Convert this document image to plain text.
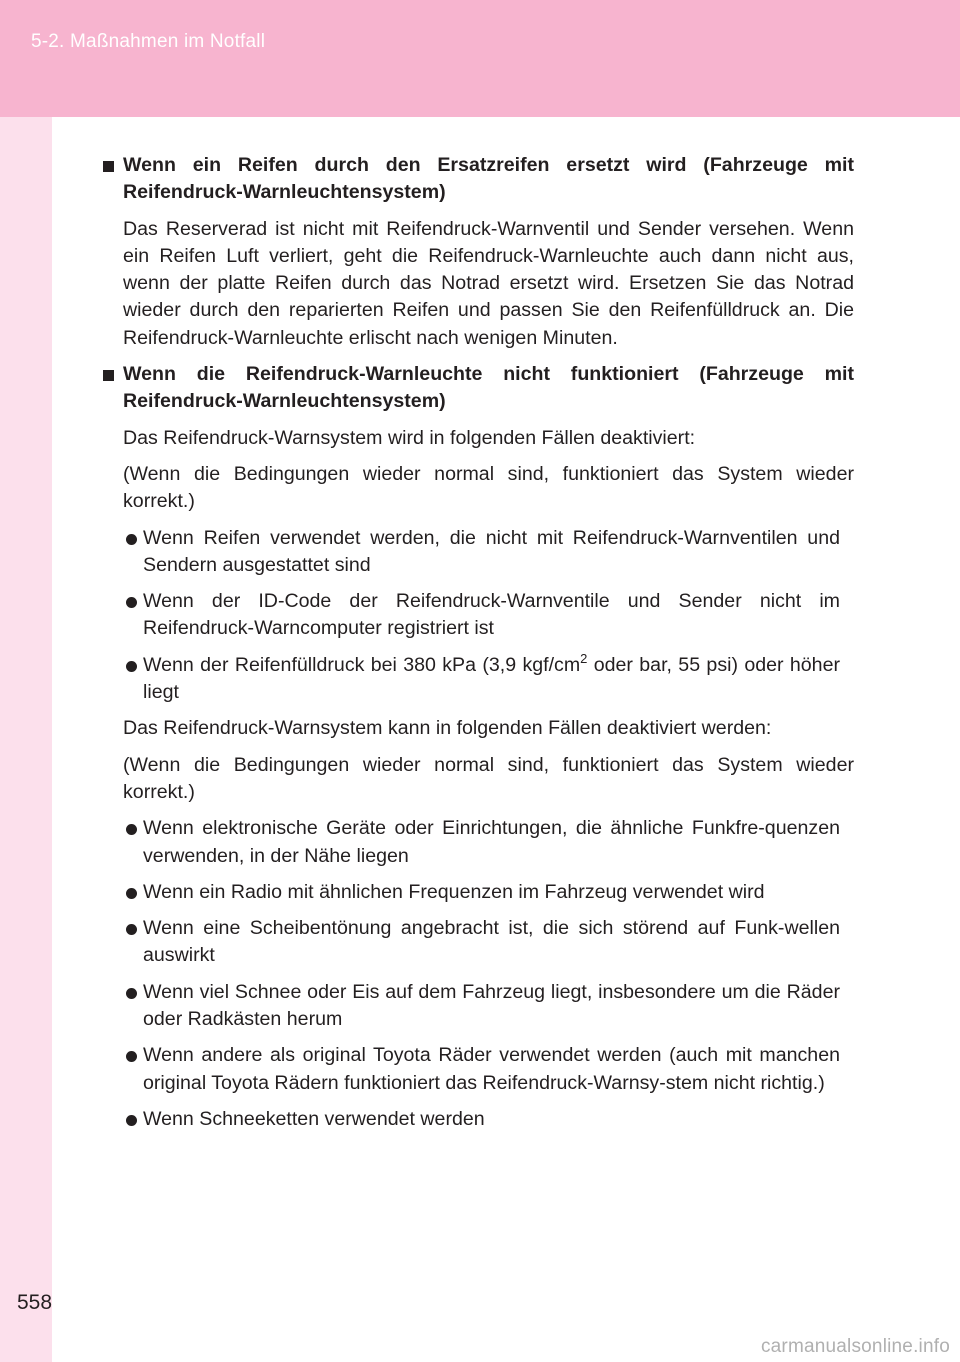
5-2. Maßnahmen im Notfall
Wenn ein Reifen durch den Ersatzreifen ersetzt wird (Fahrzeuge mit Reifendruck-Warnleuchtensystem)
Das Reserverad ist nicht mit Reifendruck-Warnventil und Sender versehen. Wenn ein Reifen Luft verliert, geht die Reifendruck-Warnleuchte auch dann nicht aus, wenn der platte Reifen durch das Notrad ersetzt wird. Ersetzen Sie das Notrad wieder durch den reparierten Reifen und passen Sie den Reifenfülldruck an. Die Reifendruck-Warnleuchte erlischt nach wenigen Minuten.
Wenn die Reifendruck-Warnleuchte nicht funktioniert (Fahrzeuge mit Reifendruck-Warnleuchtensystem)
Das Reifendruck-Warnsystem wird in folgenden Fällen deaktiviert:
(Wenn die Bedingungen wieder normal sind, funktioniert das System wieder korrekt.)
Wenn Reifen verwendet werden, die nicht mit Reifendruck-Warnventilen und Sendern ausgestattet sind
Wenn der ID-Code der Reifendruck-Warnventile und Sender nicht im Reifendruck-Warncomputer registriert ist
Wenn der Reifenfülldruck bei 380 kPa (3,9 kgf/$cm^2$ oder bar, 55 psi) oder höher liegt
Das Reifendruck-Warnsystem kann in folgenden Fällen deaktiviert werden:
(Wenn die Bedingungen wieder normal sind, funktioniert das System wieder korrekt.)
Wenn elektronische Geräte oder Einrichtungen, die ähnliche Funkfre-quenzen verwenden, in der Nähe liegen
Wenn ein Radio mit ähnlichen Frequenzen im Fahrzeug verwendet wird
Wenn eine Scheibentönung angebracht ist, die sich störend auf Funk-wellen auswirkt
Wenn viel Schnee oder Eis auf dem Fahrzeug liegt, insbesondere um die Räder oder Radkästen herum
Wenn andere als original Toyota Räder verwendet werden (auch mit manchen original Toyota Rädern funktioniert das Reifendruck-Warnsy-stem nicht richtig.)
Wenn Schneeketten verwendet werden
558
carmanualsonline.info
